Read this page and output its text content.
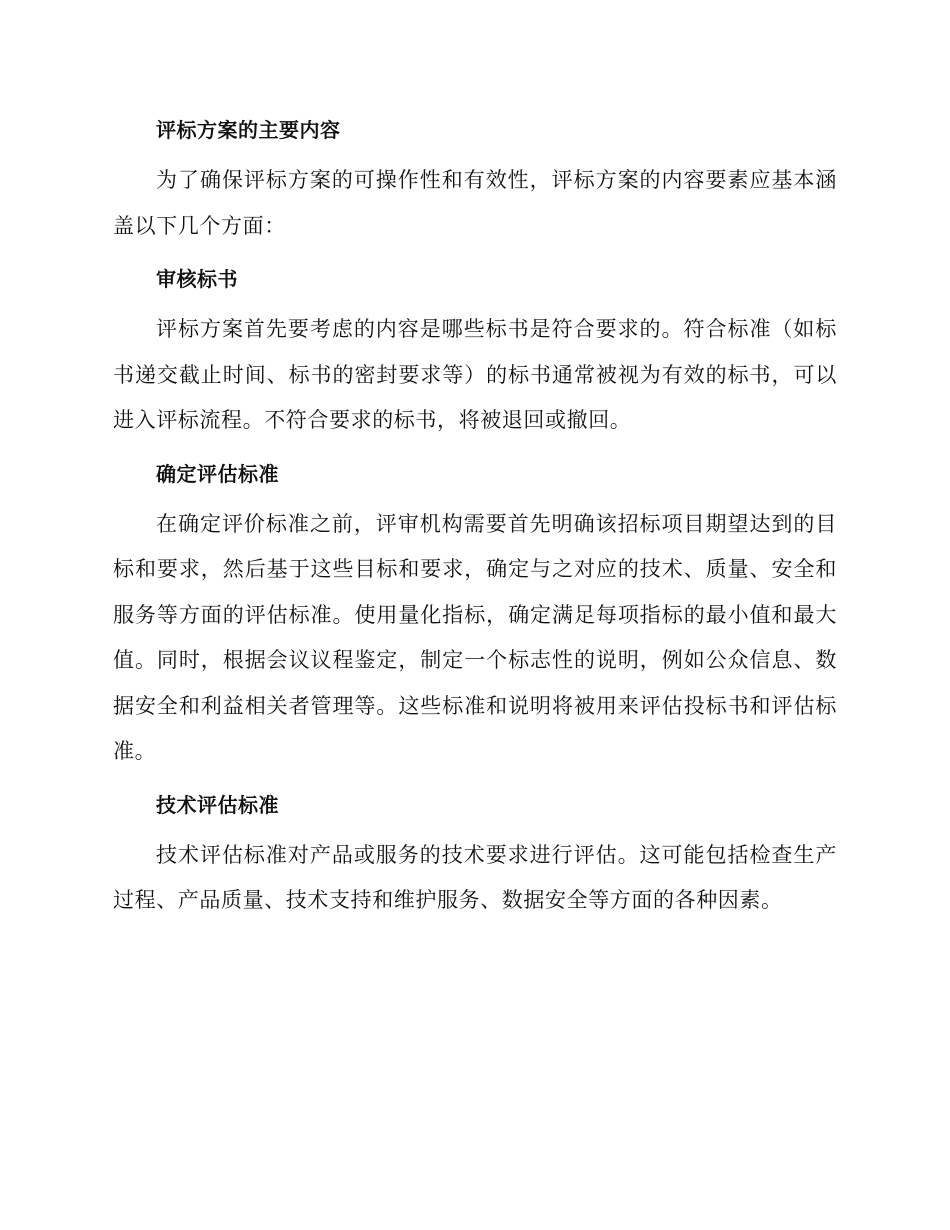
评标方案的主要内容

为了确保评标方案的可操作性和有效性，评标方案的内容要素应基本涵盖以下几个方面：

审核标书

评标方案首先要考虑的内容是哪些标书是符合要求的。符合标准（如标书递交截止时间、标书的密封要求等）的标书通常被视为有效的标书，可以进入评标流程。不符合要求的标书，将被退回或撤回。

确定评估标准

在确定评价标准之前，评审机构需要首先明确该招标项目期望达到的目标和要求，然后基于这些目标和要求，确定与之对应的技术、质量、安全和服务等方面的评估标准。使用量化指标，确定满足每项指标的最小值和最大值。同时，根据会议议程鉴定，制定一个标志性的说明，例如公众信息、数据安全和利益相关者管理等。这些标准和说明将被用来评估投标书和评估标准。

技术评估标准

技术评估标准对产品或服务的技术要求进行评估。这可能包括检查生产过程、产品质量、技术支持和维护服务、数据安全等方面的各种因素。
